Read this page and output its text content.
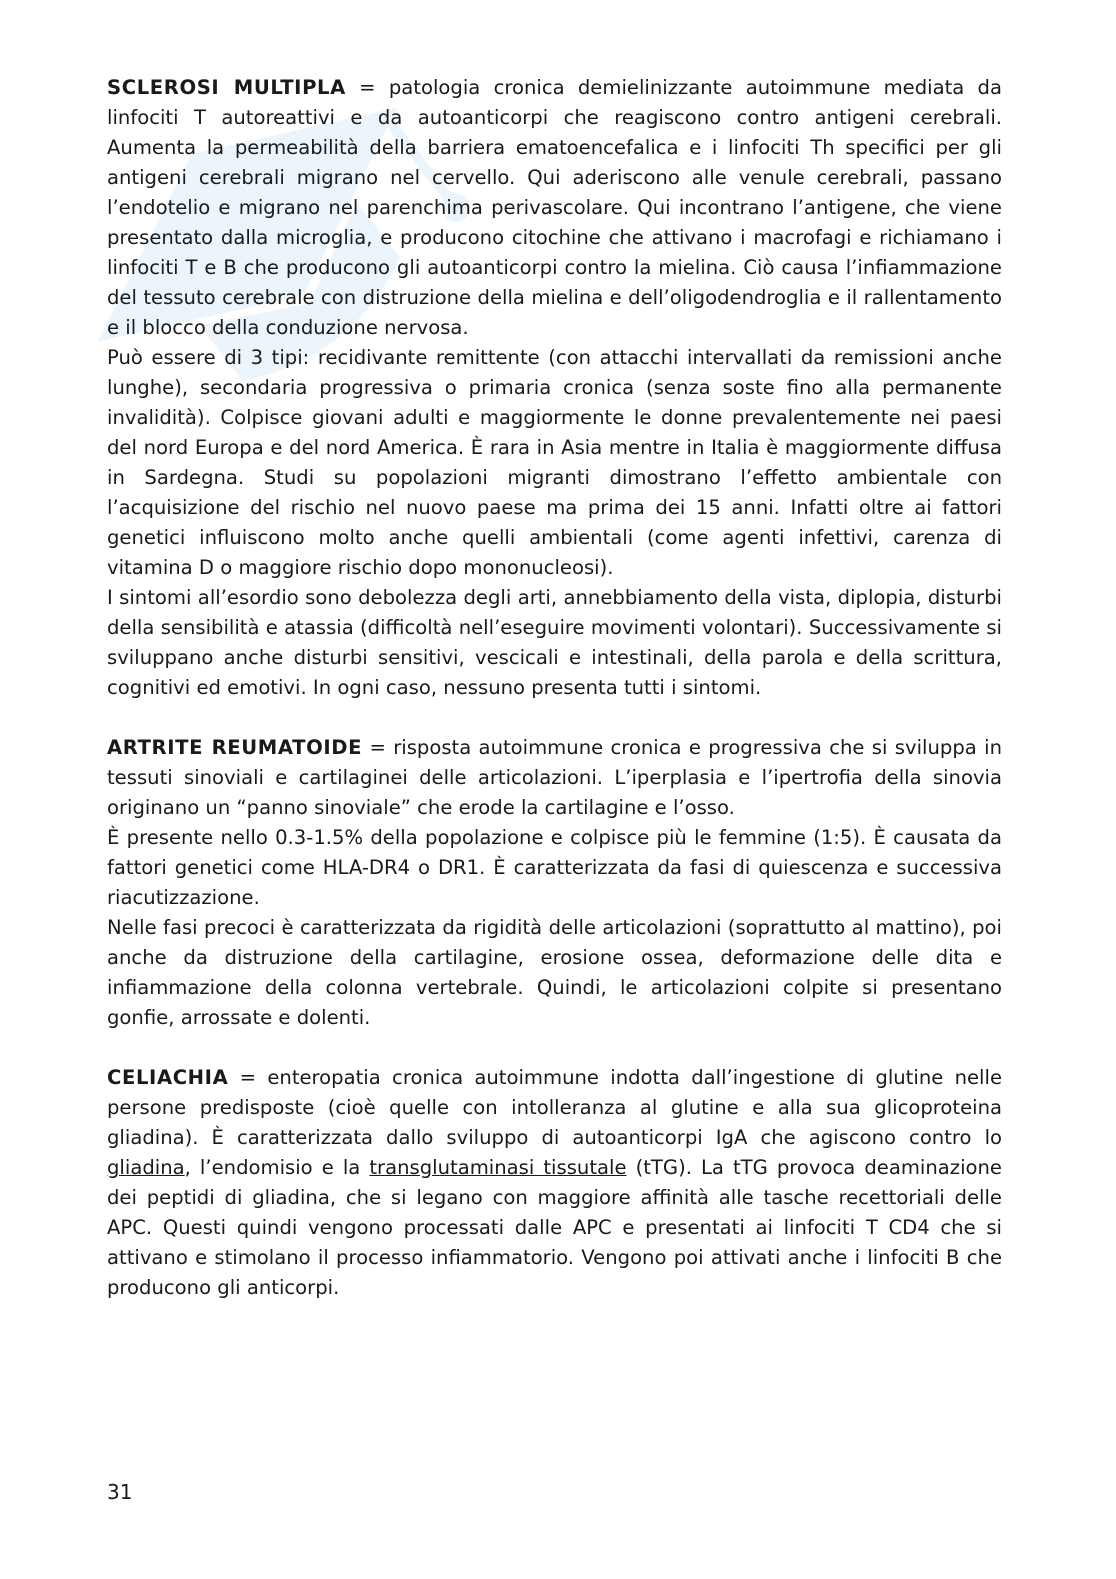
SCLEROSI MULTIPLA = patologia cronica demielinizzante autoimmune mediata da linfociti T autoreattivi e da autoanticorpi che reagiscono contro antigeni cerebrali. Aumenta la permeabilità della barriera ematoencefalica e i linfociti Th specifici per gli antigeni cerebrali migrano nel cervello. Qui aderiscono alle venule cerebrali, passano l’endotelio e migrano nel parenchima perivascolare. Qui incontrano l’antigene, che viene presentato dalla microglia, e producono citochine che attivano i macrofagi e richiamano i linfociti T e B che producono gli autoanticorpi contro la mielina. Ciò causa l’infiammazione del tessuto cerebrale con distruzione della mielina e dell’oligodendroglia e il rallentamento e il blocco della conduzione nervosa.

Può essere di 3 tipi: recidivante remittente (con attacchi intervallati da remissioni anche lunghe), secondaria progressiva o primaria cronica (senza soste fino alla permanente invalidità). Colpisce giovani adulti e maggiormente le donne prevalentemente nei paesi del nord Europa e del nord America. È rara in Asia mentre in Italia è maggiormente diffusa in Sardegna. Studi su popolazioni migranti dimostrano l’effetto ambientale con l’acquisizione del rischio nel nuovo paese ma prima dei 15 anni. Infatti oltre ai fattori genetici influiscono molto anche quelli ambientali (come agenti infettivi, carenza di vitamina D o maggiore rischio dopo mononucleosi).

I sintomi all’esordio sono debolezza degli arti, annebbiamento della vista, diplopia, disturbi della sensibilità e atassia (difficoltà nell’eseguire movimenti volontari). Successivamente si sviluppano anche disturbi sensitivi, vescicali e intestinali, della parola e della scrittura, cognitivi ed emotivi. In ogni caso, nessuno presenta tutti i sintomi.

ARTRITE REUMATOIDE = risposta autoimmune cronica e progressiva che si sviluppa in tessuti sinoviali e cartilaginei delle articolazioni. L’iperplasia e l’ipertrofia della sinovia originano un “panno sinoviale” che erode la cartilagine e l’osso.

È presente nello 0.3-1.5% della popolazione e colpisce più le femmine (1:5). È causata da fattori genetici come HLA-DR4 o DR1. È caratterizzata da fasi di quiescenza e successiva riacutizzazione.

Nelle fasi precoci è caratterizzata da rigidità delle articolazioni (soprattutto al mattino), poi anche da distruzione della cartilagine, erosione ossea, deformazione delle dita e infiammazione della colonna vertebrale. Quindi, le articolazioni colpite si presentano gonfie, arrossate e dolenti.

CELIACHIA = enteropatia cronica autoimmune indotta dall’ingestione di glutine nelle persone predisposte (cioè quelle con intolleranza al glutine e alla sua glicoproteina gliadina). È caratterizzata dallo sviluppo di autoanticorpi IgA che agiscono contro lo gliadina, l’endomisio e la transglutaminasi tissutale (tTG). La tTG provoca deaminazione dei peptidi di gliadina, che si legano con maggiore affinità alle tasche recettoriali delle APC. Questi quindi vengono processati dalle APC e presentati ai linfociti T CD4 che si attivano e stimolano il processo infiammatorio. Vengono poi attivati anche i linfociti B che producono gli anticorpi.

31
